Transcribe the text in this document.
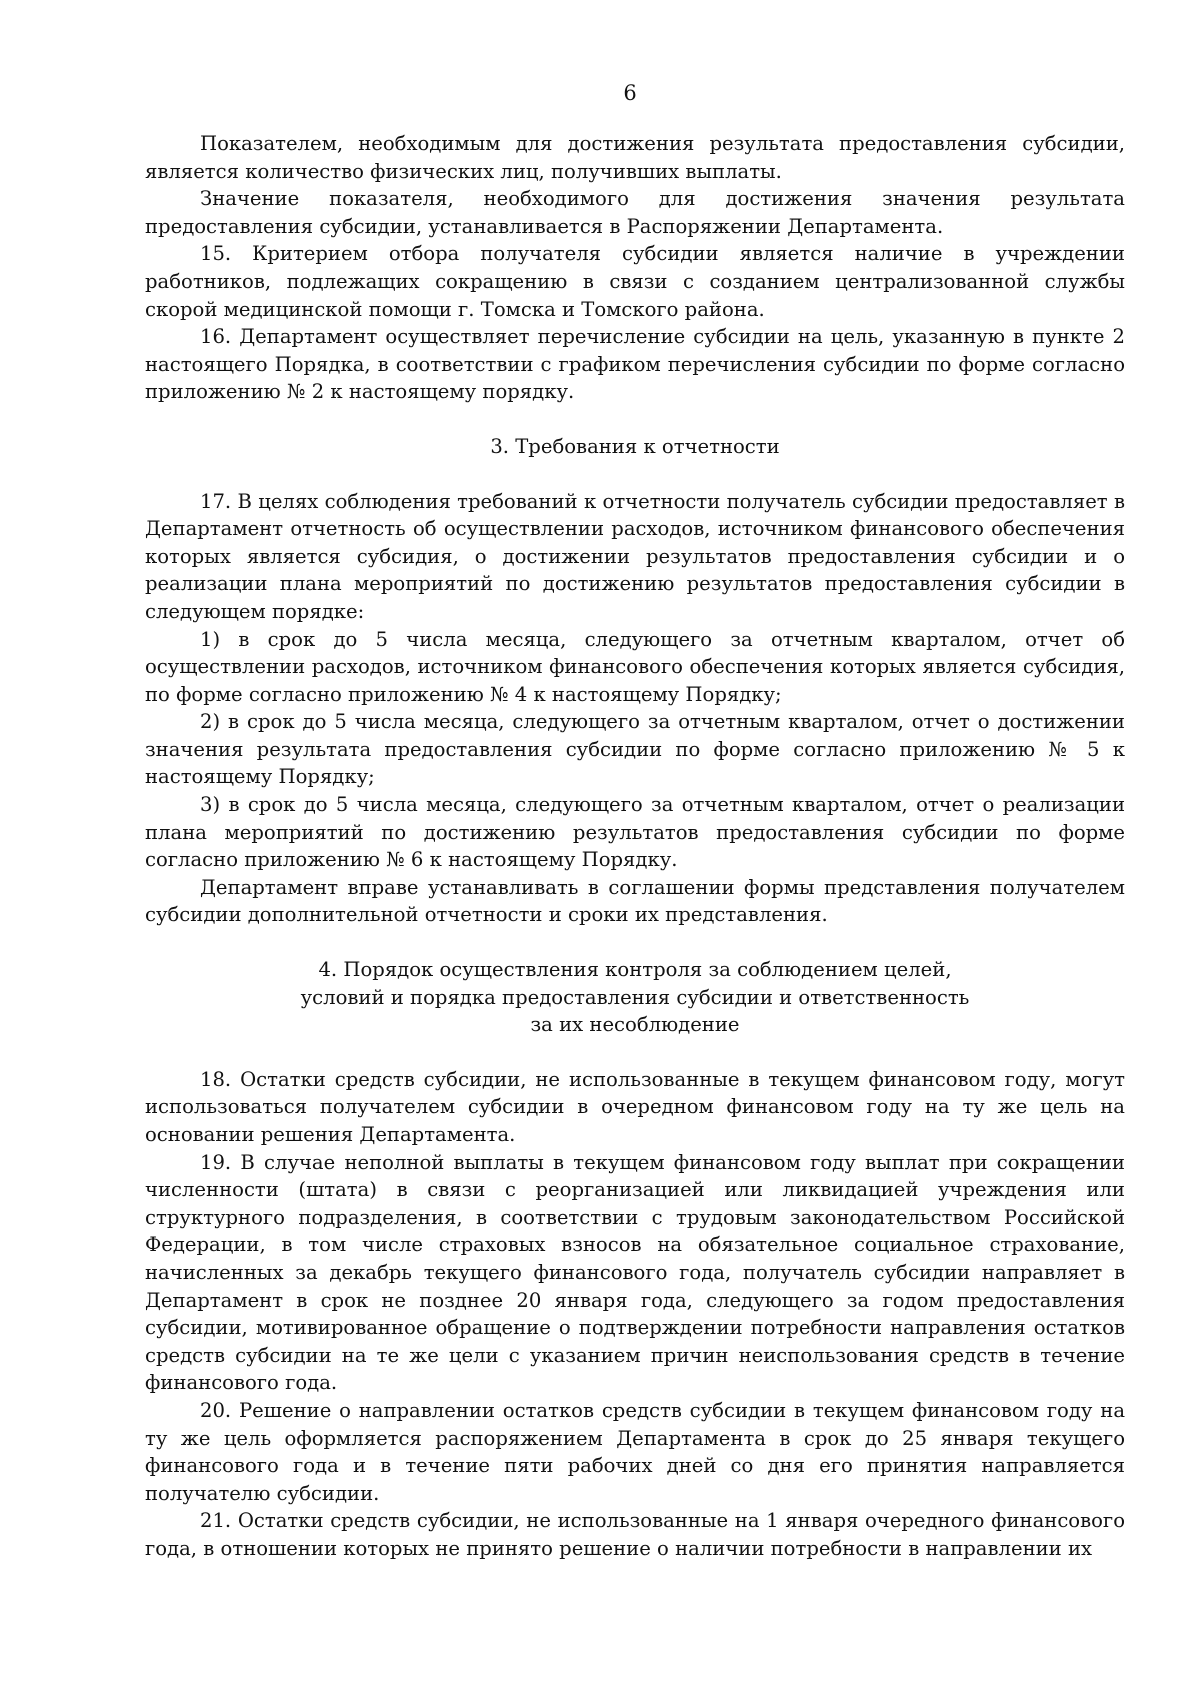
6

Показателем, необходимым для достижения результата предоставления субсидии, является количество физических лиц, получивших выплаты.

Значение показателя, необходимого для достижения значения результата предоставления субсидии, устанавливается в Распоряжении Департамента.

15. Критерием отбора получателя субсидии является наличие в учреждении работников, подлежащих сокращению в связи с созданием централизованной службы скорой медицинской помощи г. Томска и Томского района.

16. Департамент осуществляет перечисление субсидии на цель, указанную в пункте 2 настоящего Порядка, в соответствии с графиком перечисления субсидии по форме согласно приложению № 2 к настоящему порядку.

3. Требования к отчетности

17. В целях соблюдения требований к отчетности получатель субсидии предоставляет в Департамент отчетность об осуществлении расходов, источником финансового обеспечения которых является субсидия, о достижении результатов предоставления субсидии и о реализации плана мероприятий по достижению результатов предоставления субсидии в следующем порядке:

1) в срок до 5 числа месяца, следующего за отчетным кварталом, отчет об осуществлении расходов, источником финансового обеспечения которых является субсидия, по форме согласно приложению № 4 к настоящему Порядку;

2) в срок до 5 числа месяца, следующего за отчетным кварталом, отчет о достижении значения результата предоставления субсидии по форме согласно приложению № 5 к настоящему Порядку;

3) в срок до 5 числа месяца, следующего за отчетным кварталом, отчет о реализации плана мероприятий по достижению результатов предоставления субсидии по форме согласно приложению № 6 к настоящему Порядку.

Департамент вправе устанавливать в соглашении формы представления получателем субсидии дополнительной отчетности и сроки их представления.

4. Порядок осуществления контроля за соблюдением целей,
условий и порядка предоставления субсидии и ответственность
за их несоблюдение

18. Остатки средств субсидии, не использованные в текущем финансовом году, могут использоваться получателем субсидии в очередном финансовом году на ту же цель на основании решения Департамента.

19. В случае неполной выплаты в текущем финансовом году выплат при сокращении численности (штата) в связи с реорганизацией или ликвидацией учреждения или структурного подразделения, в соответствии с трудовым законодательством Российской Федерации, в том числе страховых взносов на обязательное социальное страхование, начисленных за декабрь текущего финансового года, получатель субсидии направляет в Департамент в срок не позднее 20 января года, следующего за годом предоставления субсидии, мотивированное обращение о подтверждении потребности направления остатков средств субсидии на те же цели с указанием причин неиспользования средств в течение финансового года.

20. Решение о направлении остатков средств субсидии в текущем финансовом году на ту же цель оформляется распоряжением Департамента в срок до 25 января текущего финансового года и в течение пяти рабочих дней со дня его принятия направляется получателю субсидии.

21. Остатки средств субсидии, не использованные на 1 января очередного финансового года, в отношении которых не принято решение о наличии потребности в направлении их
